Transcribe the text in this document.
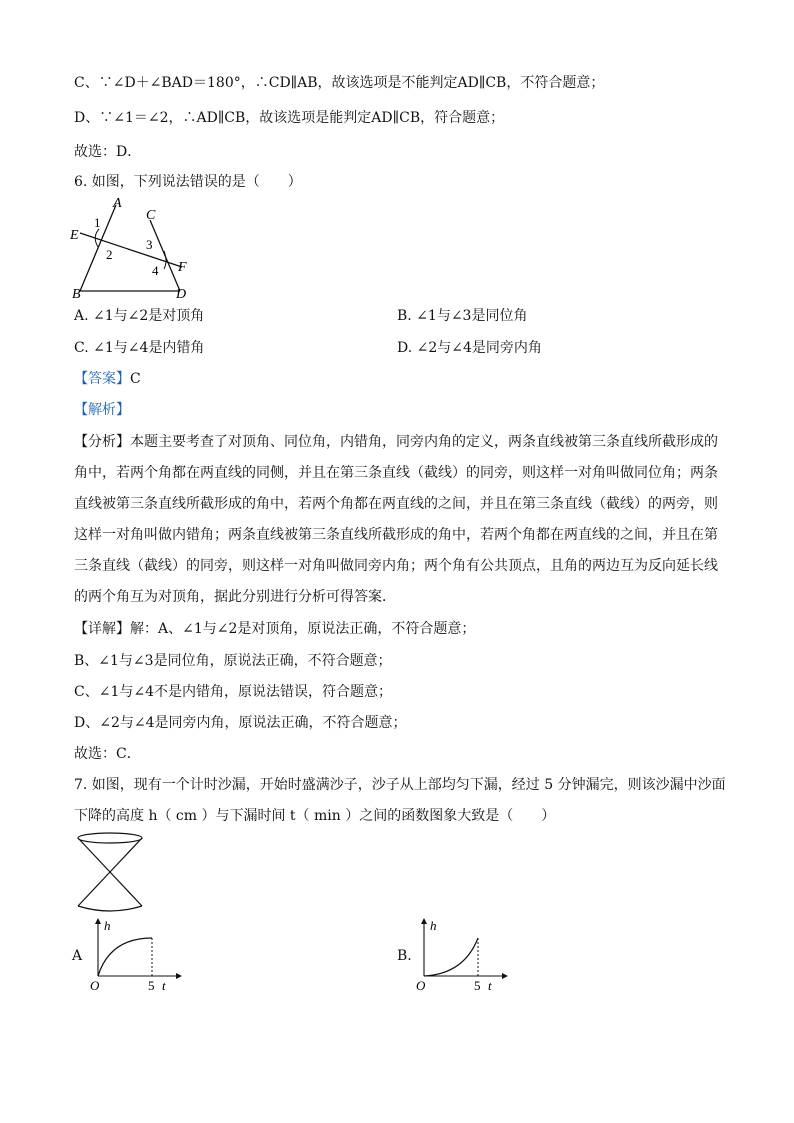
C、∵∠D＋∠BAD＝180°，∴CD∥AB，故该选项是不能判定AD∥CB，不符合题意；
D、∵∠1＝∠2，∴AD∥CB，故该选项是能判定AD∥CB，符合题意；
故选：D．
6. 如图，下列说法错误的是（　　）
A
C
E
F
B	D
1
2
3
4
A. ∠1与∠2是对顶角	B. ∠1与∠3是同位角
C. ∠1与∠4是内错角	D. ∠2与∠4是同旁内角
【答案】C
【解析】
【分析】本题主要考查了对顶角、同位角，内错角，同旁内角的定义，两条直线被第三条直线所截形成的
角中，若两个角都在两直线的同侧，并且在第三条直线（截线）的同旁，则这样一对角叫做同位角；两条
直线被第三条直线所截形成的角中，若两个角都在两直线的之间，并且在第三条直线（截线）的两旁，则
这样一对角叫做内错角；两条直线被第三条直线所截形成的角中，若两个角都在两直线的之间，并且在第
三条直线（截线）的同旁，则这样一对角叫做同旁内角；两个角有公共顶点，且角的两边互为反向延长线
的两个角互为对顶角，据此分别进行分析可得答案．
【详解】解：A、∠1与∠2是对顶角，原说法正确，不符合题意；
B、∠1与∠3是同位角，原说法正确，不符合题意；
C、∠1与∠4不是内错角，原说法错误，符合题意；
D、∠2与∠4是同旁内角，原说法正确，不符合题意；
故选：C．
7. 如图，现有一个计时沙漏，开始时盛满沙子，沙子从上部均匀下漏，经过 5 分钟漏完，则该沙漏中沙面
下降的高度 h（ cm ）与下漏时间 t（ min ）之间的函数图象大致是（　　）
A
h
O	5 t
B.
h
O	5 t
